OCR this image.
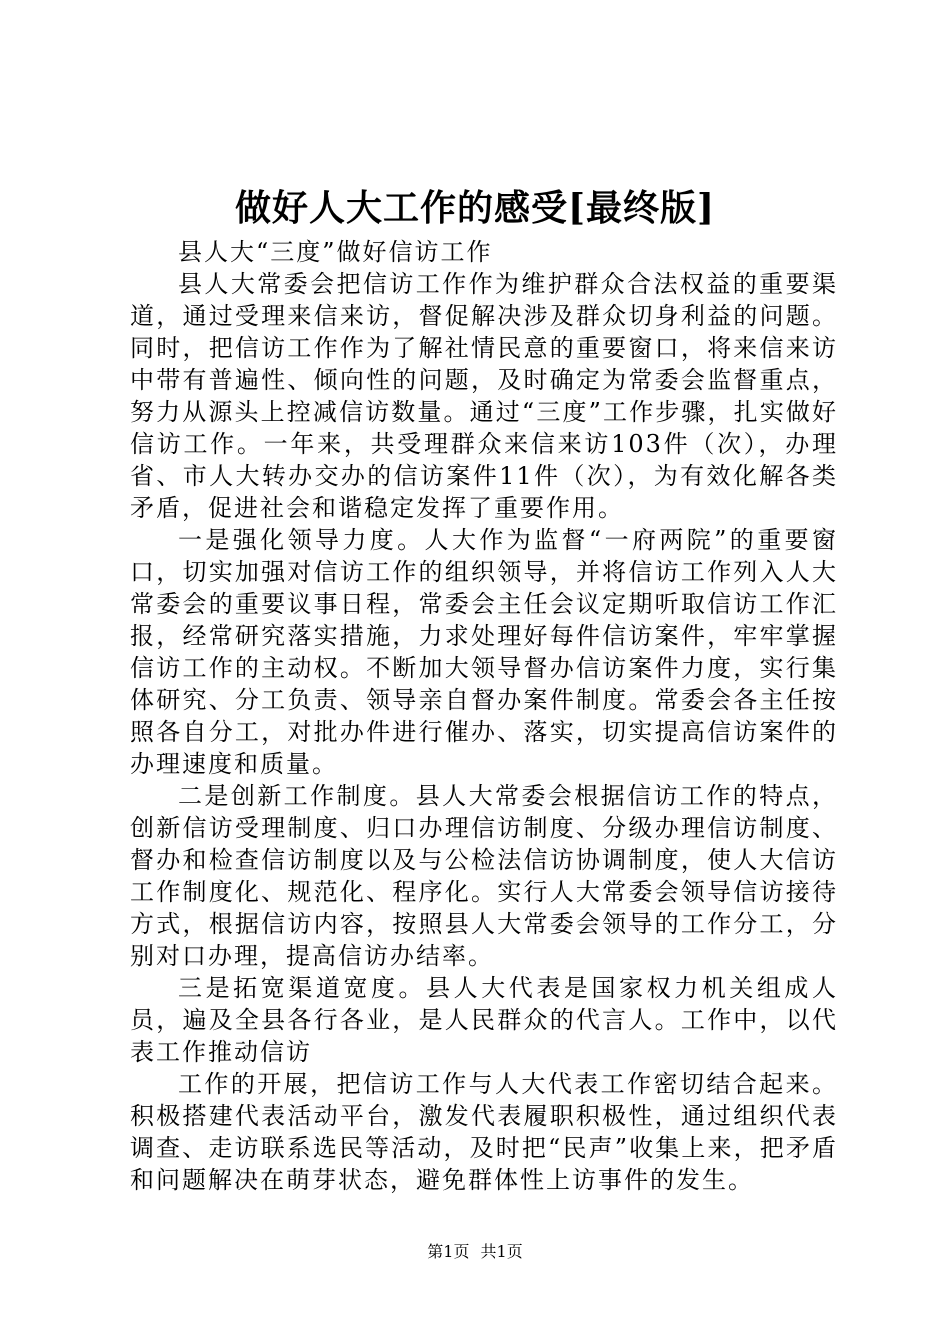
做好人大工作的感受[最终版]

县人大“三度”做好信访工作

县人大常委会把信访工作作为维护群众合法权益的重要渠道，通过受理来信来访，督促解决涉及群众切身利益的问题。同时，把信访工作作为了解社情民意的重要窗口，将来信来访中带有普遍性、倾向性的问题，及时确定为常委会监督重点，努力从源头上控减信访数量。通过“三度”工作步骤，扎实做好信访工作。一年来，共受理群众来信来访103件（次），办理省、市人大转办交办的信访案件11件（次），为有效化解各类矛盾，促进社会和谐稳定发挥了重要作用。

一是强化领导力度。人大作为监督“一府两院”的重要窗口，切实加强对信访工作的组织领导，并将信访工作列入人大常委会的重要议事日程，常委会主任会议定期听取信访工作汇报，经常研究落实措施，力求处理好每件信访案件，牢牢掌握信访工作的主动权。不断加大领导督办信访案件力度，实行集体研究、分工负责、领导亲自督办案件制度。常委会各主任按照各自分工，对批办件进行催办、落实，切实提高信访案件的办理速度和质量。

二是创新工作制度。县人大常委会根据信访工作的特点，创新信访受理制度、归口办理信访制度、分级办理信访制度、督办和检查信访制度以及与公检法信访协调制度，使人大信访工作制度化、规范化、程序化。实行人大常委会领导信访接待方式，根据信访内容，按照县人大常委会领导的工作分工，分别对口办理，提高信访办结率。

三是拓宽渠道宽度。县人大代表是国家权力机关组成人员，遍及全县各行各业，是人民群众的代言人。工作中，以代表工作推动信访

工作的开展，把信访工作与人大代表工作密切结合起来。积极搭建代表活动平台，激发代表履职积极性，通过组织代表调查、走访联系选民等活动，及时把“民声”收集上来，把矛盾和问题解决在萌芽状态，避免群体性上访事件的发生。

第1页 共1页
